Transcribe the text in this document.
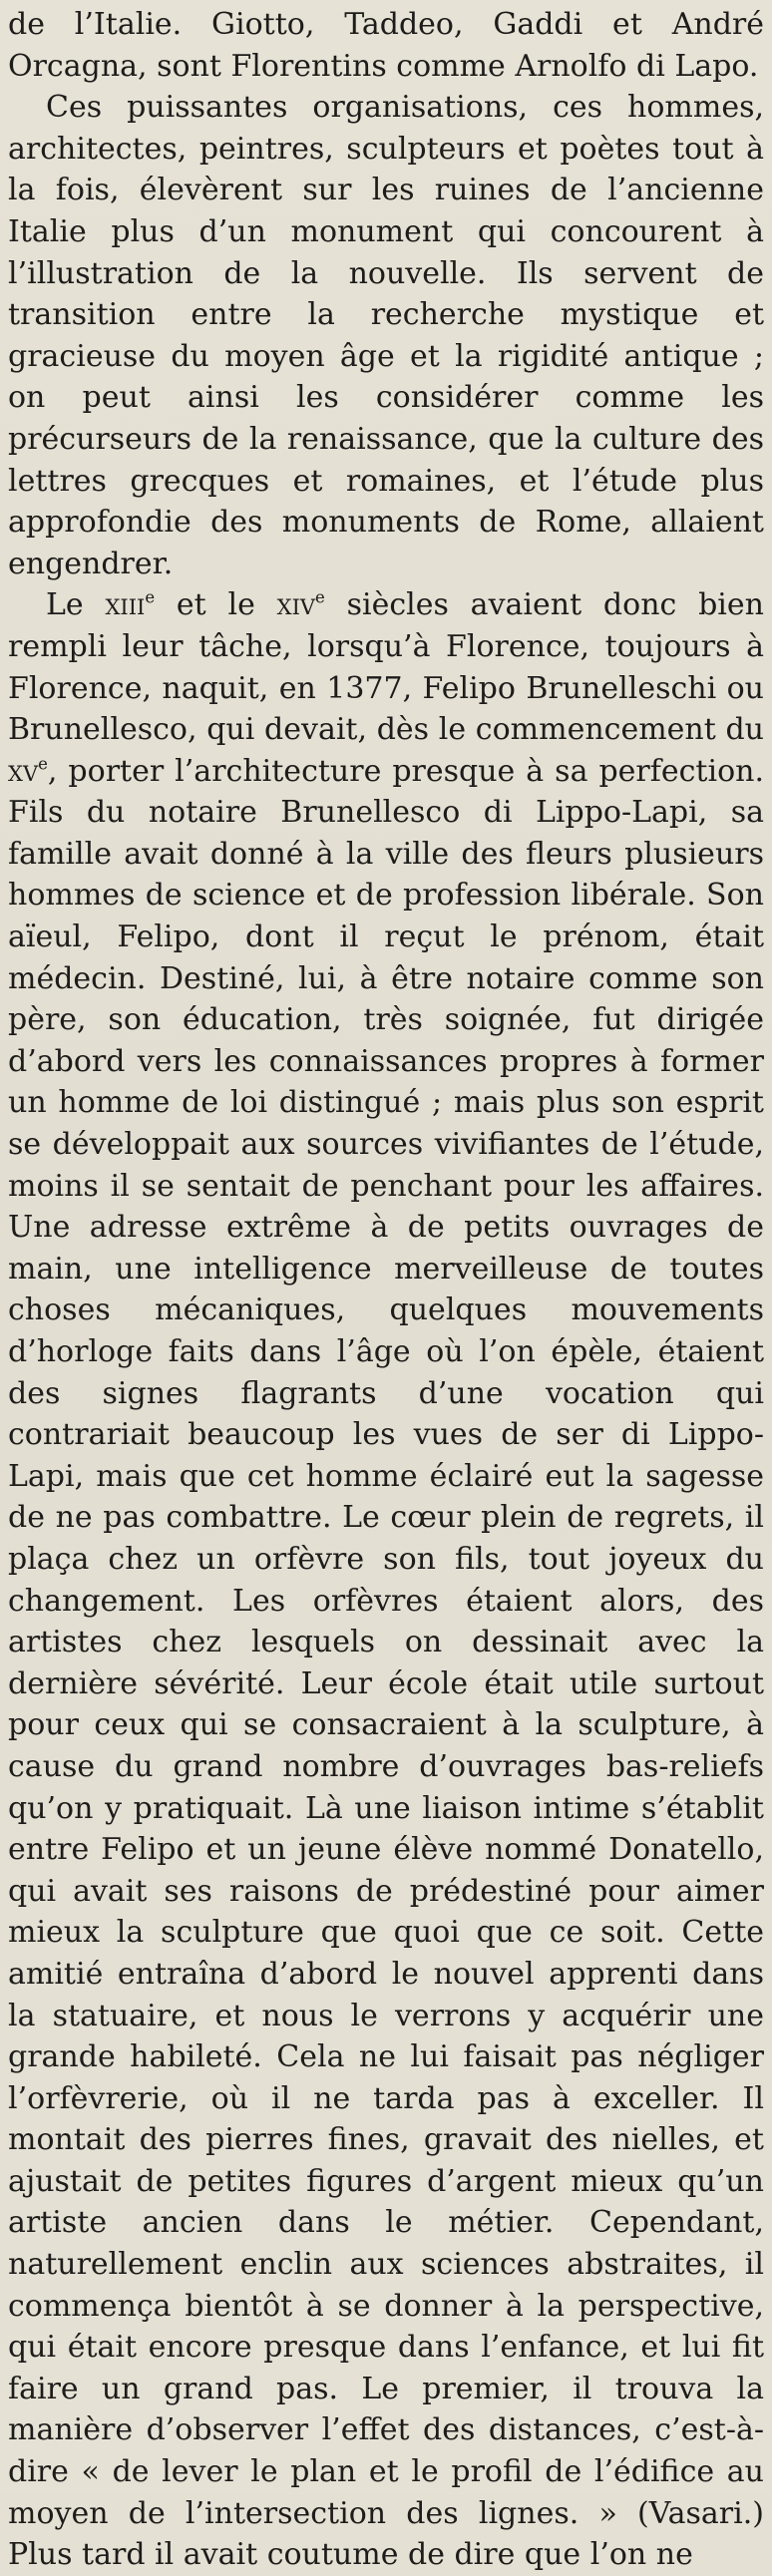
de l’Italie. Giotto, Taddeo, Gaddi et André Orcagna, sont Florentins comme Arnolfo di Lapo.

Ces puissantes organisations, ces hommes, architectes, peintres, sculpteurs et poètes tout à la fois, élevèrent sur les ruines de l’ancienne Italie plus d’un monument qui concourent à l’illustration de la nouvelle. Ils servent de transition entre la recherche mystique et gracieuse du moyen âge et la rigidité antique ; on peut ainsi les considérer comme les précurseurs de la renaissance, que la culture des lettres grecques et romaines, et l’étude plus approfondie des monuments de Rome, allaient engendrer.

Le xiii$^e$ et le xiv$^e$ siècles avaient donc bien rempli leur tâche, lorsqu’à Florence, toujours à Florence, naquit, en 1377, Felipo Brunelleschi ou Brunellesco, qui devait, dès le commencement du $xv^e$, porter l’architecture presque à sa perfection. Fils du notaire Brunellesco di Lippo-Lapi, sa famille avait donné à la ville des fleurs plusieurs hommes de science et de profession libérale. Son aïeul, Felipo, dont il reçut le prénom, était médecin. Destiné, lui, à être notaire comme son père, son éducation, très soignée, fut dirigée d’abord vers les connaissances propres à former un homme de loi distingué ; mais plus son esprit se développait aux sources vivifiantes de l’étude, moins il se sentait de penchant pour les affaires. Une adresse extrême à de petits ouvrages de main, une intelligence merveilleuse de toutes choses mécaniques, quelques mouvements d’horloge faits dans l’âge où l’on épèle, étaient des signes flagrants d’une vocation qui contrariait beaucoup les vues de ser di Lippo-Lapi, mais que cet homme éclairé eut la sagesse de ne pas combattre. Le cœur plein de regrets, il plaça chez un orfèvre son fils, tout joyeux du changement. Les orfèvres étaient alors, des artistes chez lesquels on dessinait avec la dernière sévérité. Leur école était utile surtout pour ceux qui se consacraient à la sculpture, à cause du grand nombre d’ouvrages bas-reliefs qu’on y pratiquait. Là une liaison intime s’établit entre Felipo et un jeune élève nommé Donatello, qui avait ses raisons de prédestiné pour aimer mieux la sculpture que quoi que ce soit. Cette amitié entraîna d’abord le nouvel apprenti dans la statuaire, et nous le verrons y acquérir une grande habileté. Cela ne lui faisait pas négliger l’orfèvrerie, où il ne tarda pas à exceller. Il montait des pierres fines, gravait des nielles, et ajustait de petites figures d’argent mieux qu’un artiste ancien dans le métier. Cependant, naturellement enclin aux sciences abstraites, il commença bientôt à se donner à la perspective, qui était encore presque dans l’enfance, et lui fit faire un grand pas. Le premier, il trouva la manière d’observer l’effet des distances, c’est-à-dire « de lever le plan et le profil de l’édifice au moyen de l’intersection des lignes. » (Vasari.) Plus tard il avait coutume de dire que l’on ne
